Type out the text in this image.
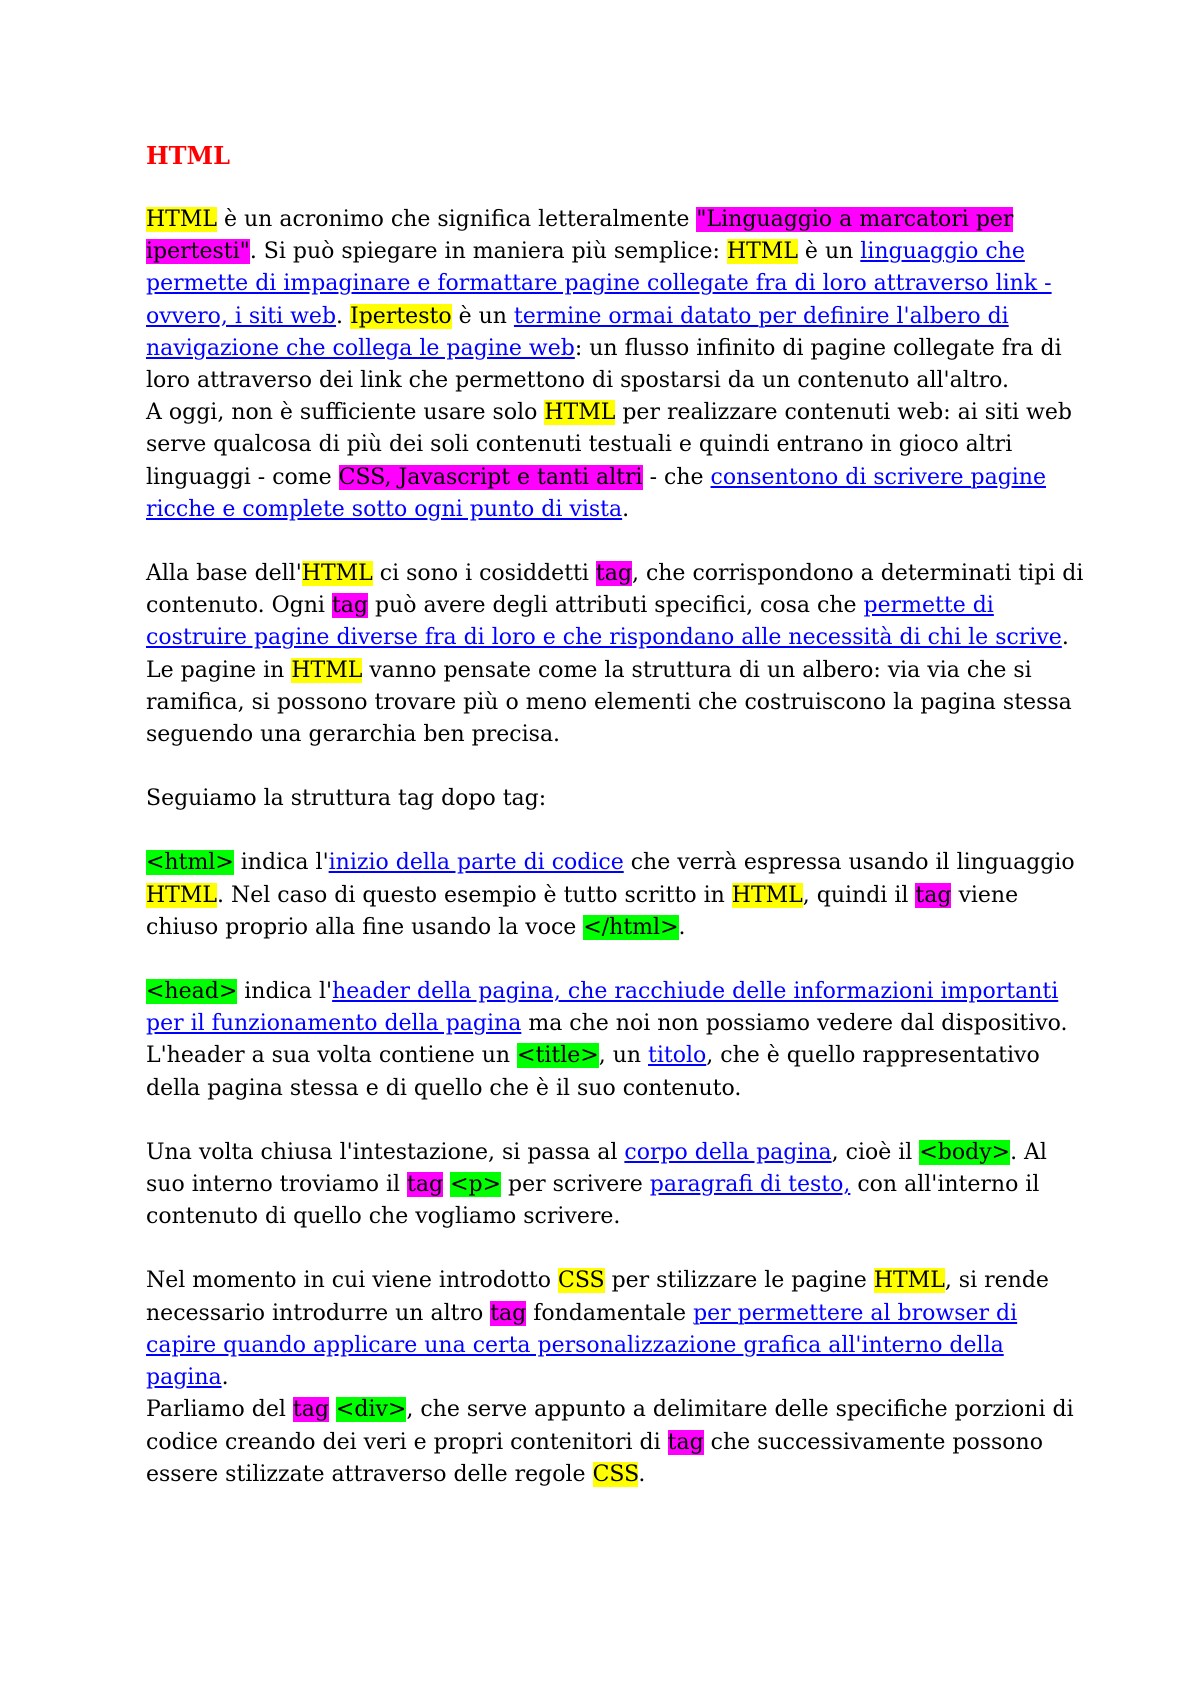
HTML

HTML è un acronimo che significa letteralmente "Linguaggio a marcatori per ipertesti". Si può spiegare in maniera più semplice: HTML è un linguaggio che permette di impaginare e formattare pagine collegate fra di loro attraverso link - ovvero, i siti web. Ipertesto è un termine ormai datato per definire l'albero di navigazione che collega le pagine web: un flusso infinito di pagine collegate fra di loro attraverso dei link che permettono di spostarsi da un contenuto all'altro.
A oggi, non è sufficiente usare solo HTML per realizzare contenuti web: ai siti web serve qualcosa di più dei soli contenuti testuali e quindi entrano in gioco altri linguaggi - come CSS, Javascript e tanti altri - che consentono di scrivere pagine ricche e complete sotto ogni punto di vista.

Alla base dell'HTML ci sono i cosiddetti tag, che corrispondono a determinati tipi di contenuto. Ogni tag può avere degli attributi specifici, cosa che permette di costruire pagine diverse fra di loro e che rispondano alle necessità di chi le scrive. Le pagine in HTML vanno pensate come la struttura di un albero: via via che si ramifica, si possono trovare più o meno elementi che costruiscono la pagina stessa seguendo una gerarchia ben precisa.

Seguiamo la struttura tag dopo tag:

<html> indica l'inizio della parte di codice che verrà espressa usando il linguaggio HTML. Nel caso di questo esempio è tutto scritto in HTML, quindi il tag viene chiuso proprio alla fine usando la voce </html>.

<head> indica l'header della pagina, che racchiude delle informazioni importanti per il funzionamento della pagina ma che noi non possiamo vedere dal dispositivo.
L'header a sua volta contiene un <title>, un titolo, che è quello rappresentativo della pagina stessa e di quello che è il suo contenuto.

Una volta chiusa l'intestazione, si passa al corpo della pagina, cioè il <body>. Al suo interno troviamo il tag <p> per scrivere paragrafi di testo, con all'interno il contenuto di quello che vogliamo scrivere.

Nel momento in cui viene introdotto CSS per stilizzare le pagine HTML, si rende necessario introdurre un altro tag fondamentale per permettere al browser di capire quando applicare una certa personalizzazione grafica all'interno della pagina.
Parliamo del tag <div>, che serve appunto a delimitare delle specifiche porzioni di codice creando dei veri e propri contenitori di tag che successivamente possono essere stilizzate attraverso delle regole CSS.
